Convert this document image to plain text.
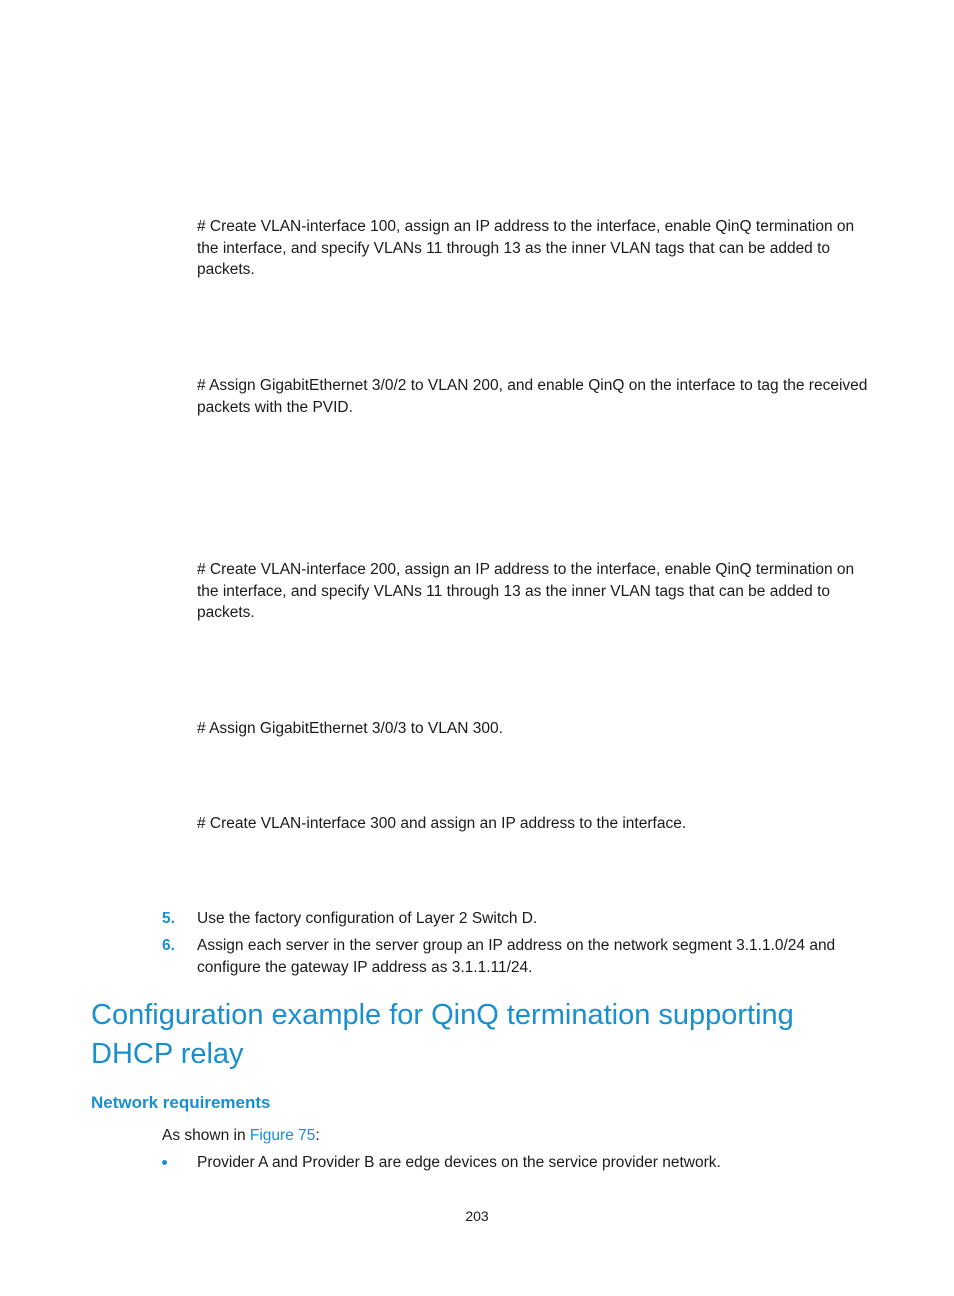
# Create VLAN-interface 100, assign an IP address to the interface, enable QinQ termination on the interface, and specify VLANs 11 through 13 as the inner VLAN tags that can be added to packets.
# Assign GigabitEthernet 3/0/2 to VLAN 200, and enable QinQ on the interface to tag the received packets with the PVID.
# Create VLAN-interface 200, assign an IP address to the interface, enable QinQ termination on the interface, and specify VLANs 11 through 13 as the inner VLAN tags that can be added to packets.
# Assign GigabitEthernet 3/0/3 to VLAN 300.
# Create VLAN-interface 300 and assign an IP address to the interface.
5. Use the factory configuration of Layer 2 Switch D.
6. Assign each server in the server group an IP address on the network segment 3.1.1.0/24 and configure the gateway IP address as 3.1.1.11/24.
Configuration example for QinQ termination supporting DHCP relay
Network requirements
As shown in Figure 75:
Provider A and Provider B are edge devices on the service provider network.
203
